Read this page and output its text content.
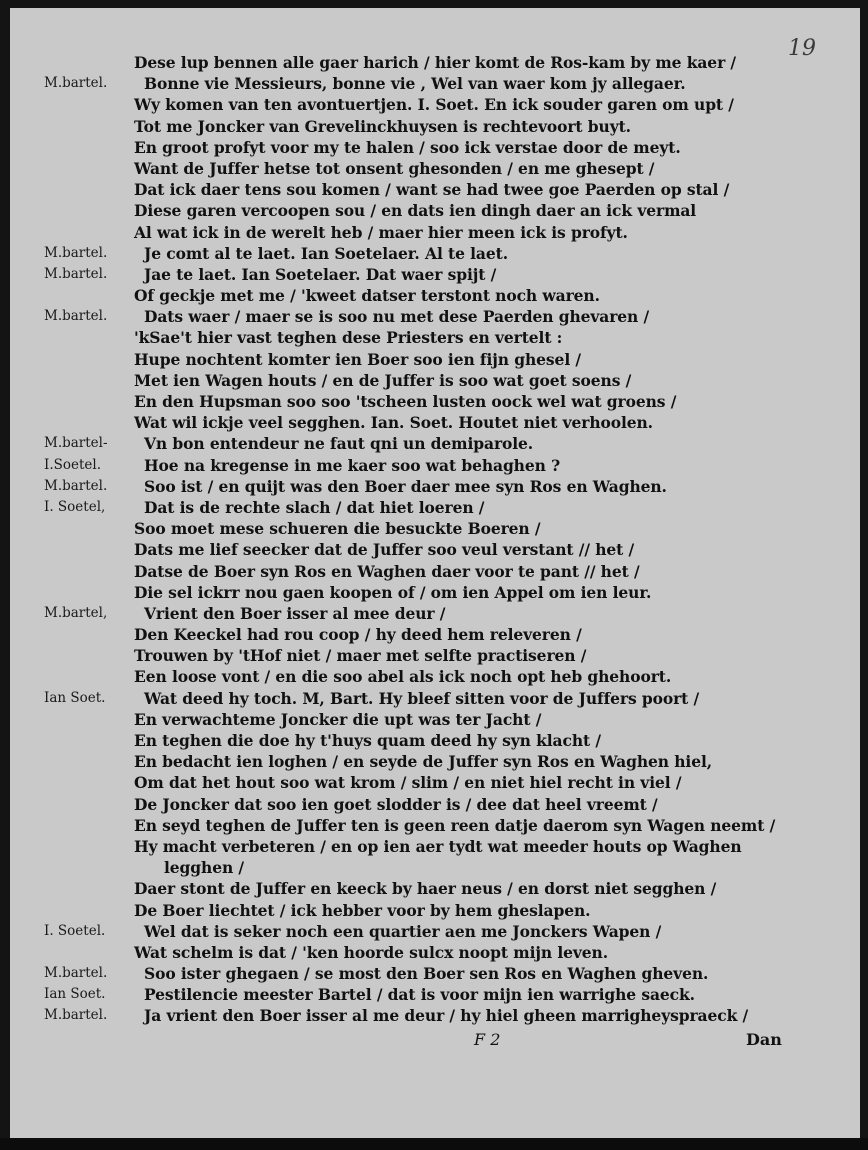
19
Dese lup bennen alle gaer harich / hier komt de Ros-kam by me kaer /
M.bartel.	Bonne vie Messieurs, bonne vie , Wel van waer kom jy allegaer.
Wy komen van ten avontuertjen. I. Soet. En ick souder garen om upt /
Tot me Joncker van Grevelinckhuysen is rechtevoort buyt.
En groot profyt voor my te halen / soo ick verstae door de meyt.
Want de Juffer hetse tot onsent ghesonden / en me ghesept /
Dat ick daer tens sou komen / want se had twee goe Paerden op stal /
Diese garen vercoopen sou / en dats ien dingh daer an ick vermal
Al wat ick in de werelt heb / maer hier meen ick is profyt.
M.bartel.	Je comt al te laet. Ian Soetelaer. Al te laet.
M.bartel.	Jae te laet. Ian Soetelaer. Dat waer spijt /
Of geckje met me / 'kweet datser terstont noch waren.
M.bartel.	Dats waer / maer se is soo nu met dese Paerden ghevaren /
'kSae't hier vast teghen dese Priesters en vertelt :
Hupe nochtent komter ien Boer soo ien fijn ghesel /
Met ien Wagen houts / en de Juffer is soo wat goet soens /
En den Hupsman soo soo 'tscheen lusten oock wel wat groens /
Wat wil ickje veel segghen. Ian. Soet. Houtet niet verhoolen.
M.bartel-	Vn bon entendeur ne faut qni un demiparole.
I.Soetel.	Hoe na kregense in me kaer soo wat behaghen ?
M.bartel.	Soo ist / en quijt was den Boer daer mee syn Ros en Waghen.
I. Soetel,	Dat is de rechte slach / dat hiet loeren /
Soo moet mese schueren die besuckte Boeren /
Dats me lief seecker dat de Juffer soo veul verstant // het /
Datse de Boer syn Ros en Waghen daer voor te pant // het /
Die sel ickrr nou gaen koopen of / om ien Appel om ien leur.
M.bartel,	Vrient den Boer isser al mee deur /
Den Keeckel had rou coop / hy deed hem releveren /
Trouwen by 'tHof niet / maer met selfte practiseren /
Een loose vont / en die soo abel als ick noch opt heb ghehoort.
Ian Soet.	Wat deed hy toch. M, Bart. Hy bleef sitten voor de Juffers poort /
En verwachteme Joncker die upt was ter Jacht /
En teghen die doe hy t'huys quam deed hy syn klacht /
En bedacht ien loghen / en seyde de Juffer syn Ros en Waghen hiel,
Om dat het hout soo wat krom / slim / en niet hiel recht in viel /
De Joncker dat soo ien goet slodder is / dee dat heel vreemt /
En seyd teghen de Juffer ten is geen reen datje daerom syn Wagen neemt /
Hy macht verbeteren / en op ien aer tydt wat meeder houts op Waghen
legghen /
Daer stont de Juffer en keeck by haer neus / en dorst niet segghen /
De Boer liechtet / ick hebber voor by hem gheslapen.
I. Soetel.	Wel dat is seker noch een quartier aen me Jonckers Wapen /
Wat schelm is dat / 'ken hoorde sulcx noopt mijn leven.
M.bartel.	Soo ister ghegaen / se most den Boer sen Ros en Waghen gheven.
Ian Soet.	Pestilencie meester Bartel / dat is voor mijn ien warrighe saeck.
M.bartel.	Ja vrient den Boer isser al me deur / hy hiel gheen marrigheyspraeck /
F 2	Dan
